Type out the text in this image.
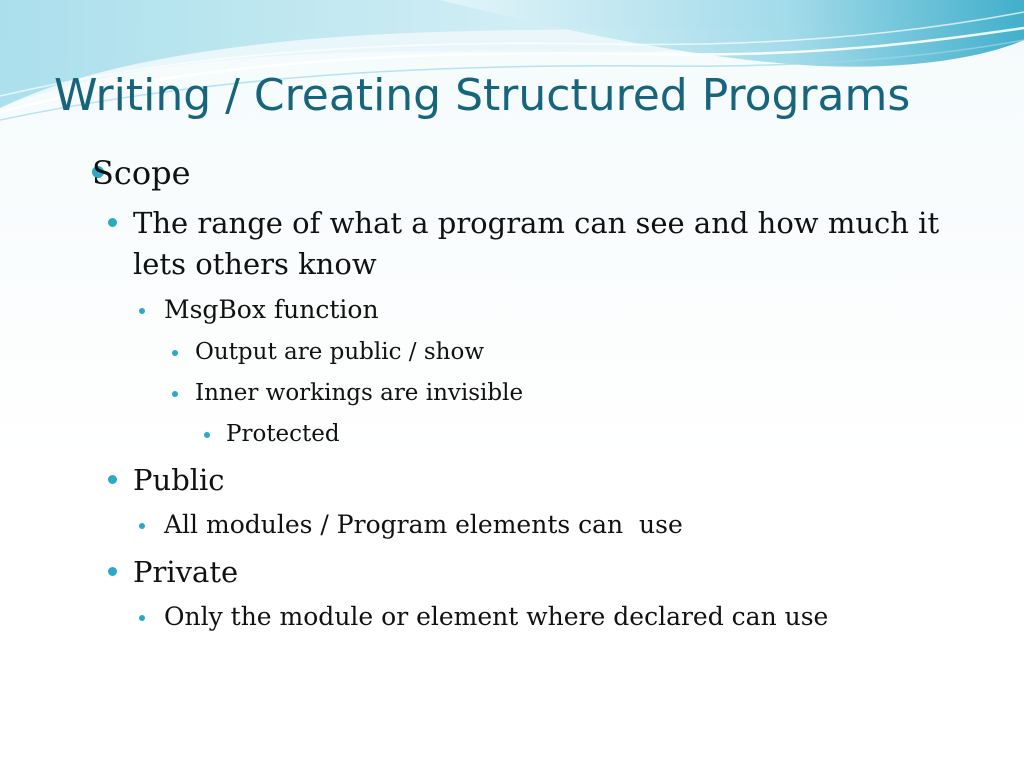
Writing / Creating Structured Programs
Scope
The range of what a program can see and how much it
lets others know
MsgBox function
Output are public / show
Inner workings are invisible
Protected
Public
All modules / Program elements can  use
Private
Only the module or element where declared can use
